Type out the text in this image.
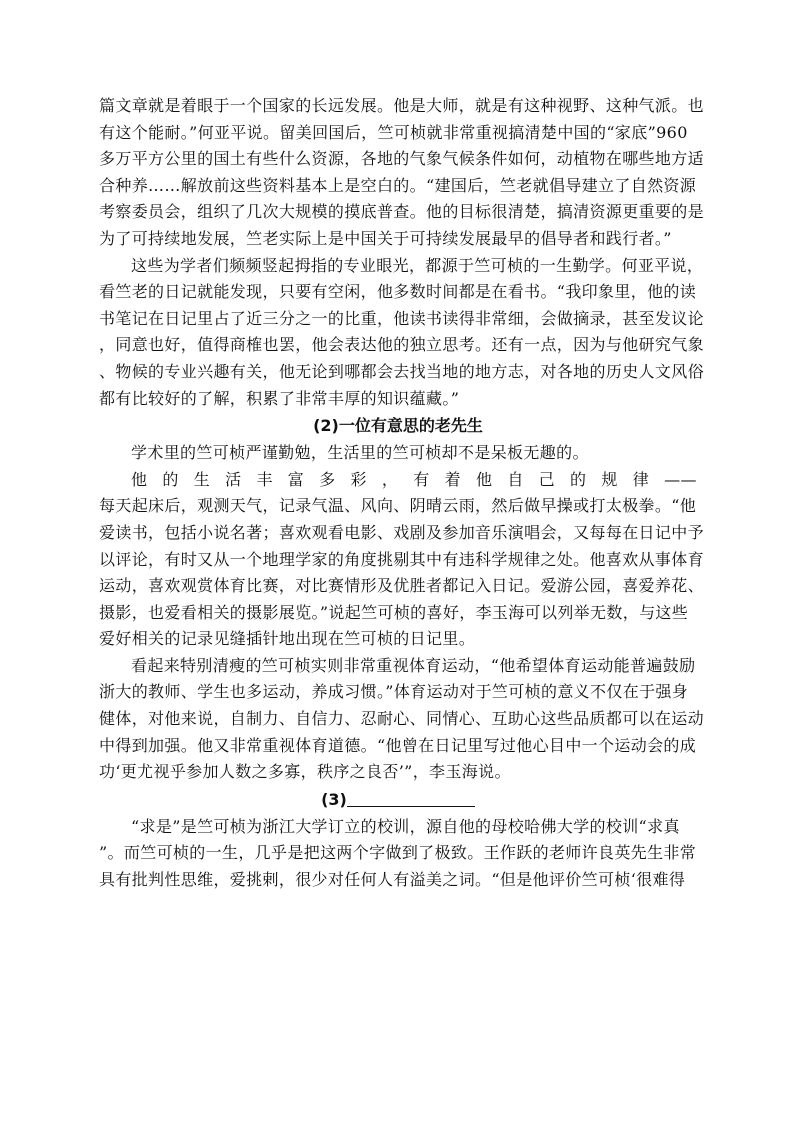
篇文章就是着眼于一个国家的长远发展。他是大师，就是有这种视野、这种气派。也
有这个能耐。”何亚平说。留美回国后，竺可桢就非常重视搞清楚中国的“家底”960
多万平方公里的国土有些什么资源，各地的气象气候条件如何，动植物在哪些地方适
合种养……解放前这些资料基本上是空白的。“建国后，竺老就倡导建立了自然资源
考察委员会，组织了几次大规模的摸底普查。他的目标很清楚，搞清资源更重要的是
为了可持续地发展，竺老实际上是中国关于可持续发展最早的倡导者和践行者。”
这些为学者们频频竖起拇指的专业眼光，都源于竺可桢的一生勤学。何亚平说，
看竺老的日记就能发现，只要有空闲，他多数时间都是在看书。“我印象里，他的读
书笔记在日记里占了近三分之一的比重，他读书读得非常细，会做摘录，甚至发议论
，同意也好，值得商榷也罢，他会表达他的独立思考。还有一点，因为与他研究气象
、物候的专业兴趣有关，他无论到哪都会去找当地的地方志，对各地的历史人文风俗
都有比较好的了解，积累了非常丰厚的知识蕴藏。”
(2)一位有意思的老先生
学术里的竺可桢严谨勤勉，生活里的竺可桢却不是呆板无趣的。
他 的 生 活 丰 富 多 彩 ， 有 着 他 自 己 的 规 律 ——
每天起床后，观测天气，记录气温、风向、阴晴云雨，然后做早操或打太极拳。“他
爱读书，包括小说名著；喜欢观看电影、戏剧及参加音乐演唱会，又每每在日记中予
以评论，有时又从一个地理学家的角度挑剔其中有违科学规律之处。他喜欢从事体育
运动，喜欢观赏体育比赛，对比赛情形及优胜者都记入日记。爱游公园，喜爱养花、
摄影，也爱看相关的摄影展览。”说起竺可桢的喜好，李玉海可以列举无数，与这些
爱好相关的记录见缝插针地出现在竺可桢的日记里。
看起来特别清瘦的竺可桢实则非常重视体育运动，“他希望体育运动能普遍鼓励
浙大的教师、学生也多运动，养成习惯。”体育运动对于竺可桢的意义不仅在于强身
健体，对他来说，自制力、自信力、忍耐心、同情心、互助心这些品质都可以在运动
中得到加强。他又非常重视体育道德。“他曾在日记里写过他心目中一个运动会的成
功‘更尤视乎参加人数之多寡，秩序之良否’”，李玉海说。
(3)
“求是”是竺可桢为浙江大学订立的校训，源自他的母校哈佛大学的校训“求真
”。而竺可桢的一生，几乎是把这两个字做到了极致。王作跃的老师许良英先生非常
具有批判性思维，爱挑剌，很少对任何人有溢美之词。“但是他评价竺可桢‘很难得
